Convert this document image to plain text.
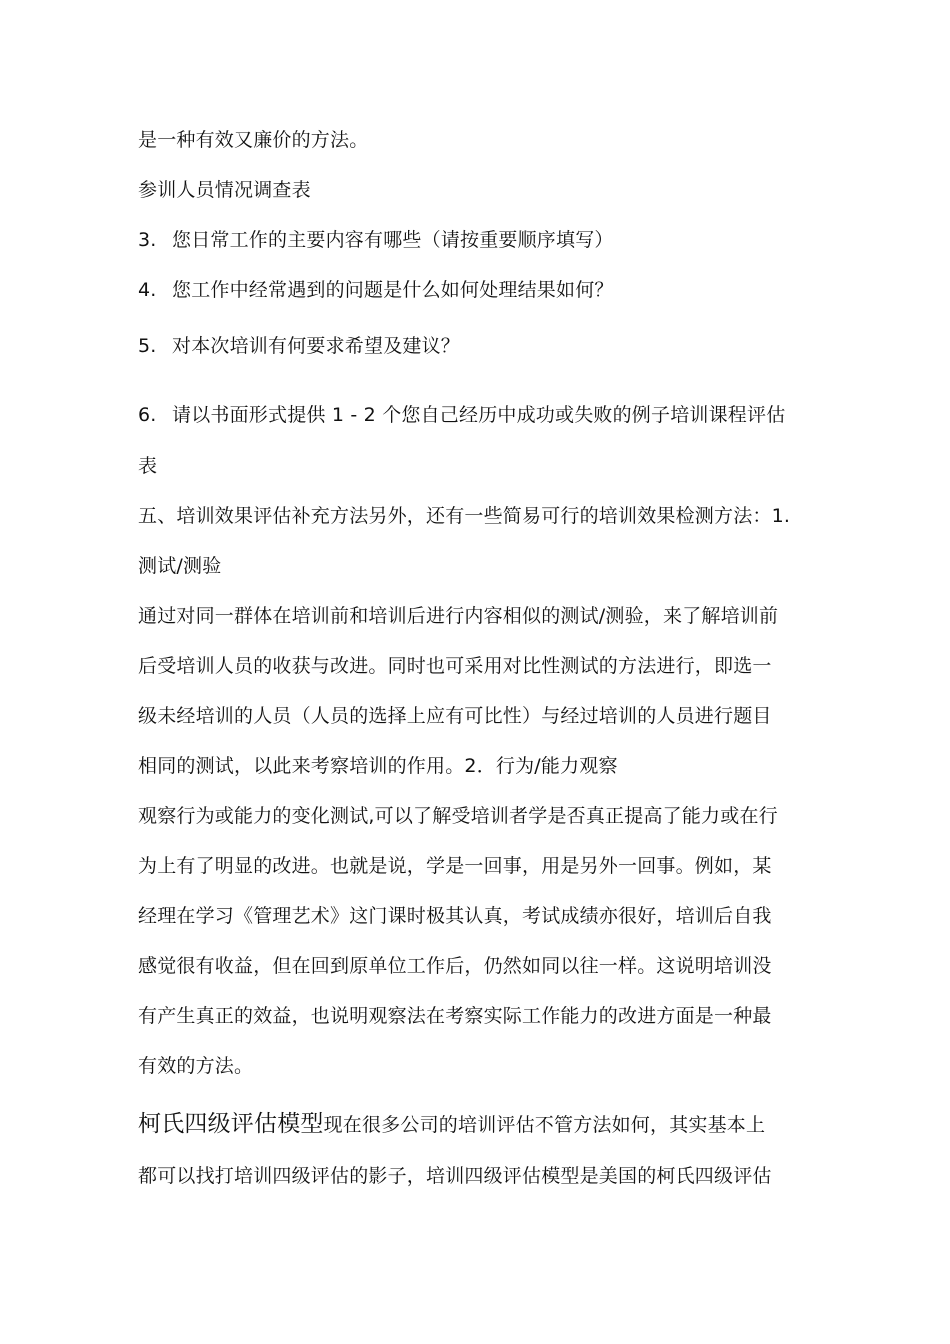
是一种有效又廉价的方法。
参训人员情况调查表
3. 您日常工作的主要内容有哪些（请按重要顺序填写）
4. 您工作中经常遇到的问题是什么如何处理结果如何？
5. 对本次培训有何要求希望及建议？
6. 请以书面形式提供 1 - 2 个您自己经历中成功或失败的例子培训课程评估
表
五、培训效果评估补充方法另外，还有一些简易可行的培训效果检测方法：1.
测试/测验
通过对同一群体在培训前和培训后进行内容相似的测试/测验，来了解培训前
后受培训人员的收获与改进。同时也可采用对比性测试的方法进行，即选一
级未经培训的人员（人员的选择上应有可比性）与经过培训的人员进行题目
相同的测试，以此来考察培训的作用。2．行为/能力观察
观察行为或能力的变化测试,可以了解受培训者学是否真正提高了能力或在行
为上有了明显的改进。也就是说，学是一回事，用是另外一回事。例如，某
经理在学习《管理艺术》这门课时极其认真，考试成绩亦很好，培训后自我
感觉很有收益，但在回到原单位工作后，仍然如同以往一样。这说明培训没
有产生真正的效益，也说明观察法在考察实际工作能力的改进方面是一种最
有效的方法。
柯氏四级评估模型现在很多公司的培训评估不管方法如何，其实基本上
都可以找打培训四级评估的影子，培训四级评估模型是美国的柯氏四级评估
